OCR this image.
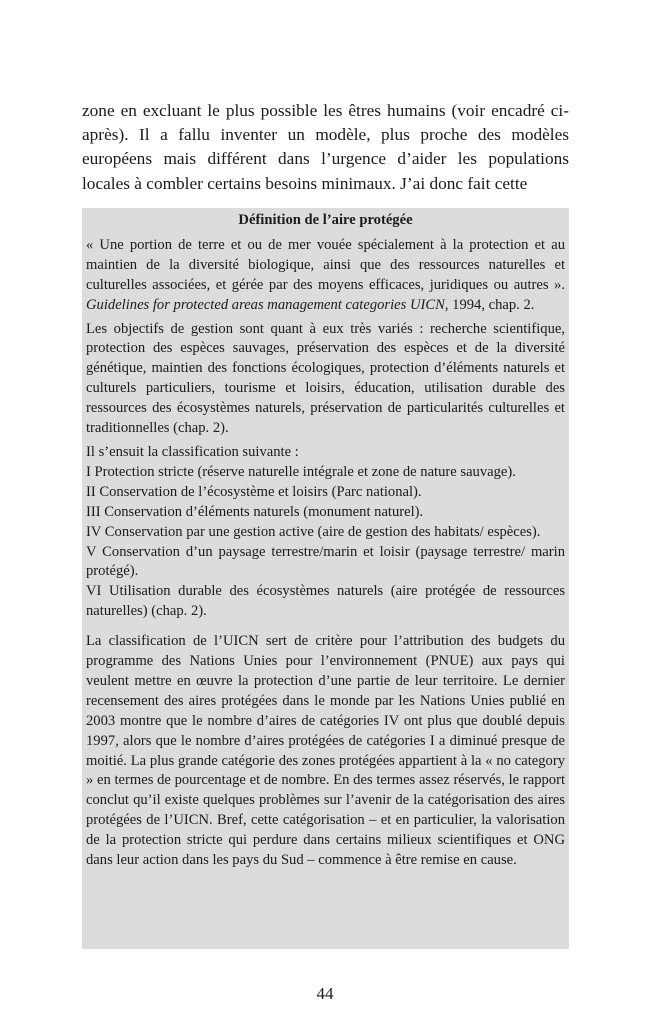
zone en excluant le plus possible les êtres humains (voir encadré ci-après). Il a fallu inventer un modèle, plus proche des modèles européens mais différent dans l’urgence d’aider les populations locales à combler certains besoins minimaux. J’ai donc fait cette

Définition de l’aire protégée

« Une portion de terre et ou de mer vouée spécialement à la protection et au maintien de la diversité biologique, ainsi que des ressources naturelles et culturelles associées, et gérée par des moyens efficaces, juridiques ou autres ». Guidelines for protected areas management categories UICN, 1994, chap. 2.

Les objectifs de gestion sont quant à eux très variés : recherche scientifique, protection des espèces sauvages, préservation des espèces et de la diversité génétique, maintien des fonctions écologiques, protection d’éléments naturels et culturels particuliers, tourisme et loisirs, éducation, utilisation durable des ressources des écosystèmes naturels, préservation de particularités culturelles et traditionnelles (chap. 2).

Il s’ensuit la classification suivante :

I Protection stricte (réserve naturelle intégrale et zone de nature sauvage).

II Conservation de l’écosystème et loisirs (Parc national).

III Conservation d’éléments naturels (monument naturel).

IV Conservation par une gestion active (aire de gestion des habitats/ espèces).

V Conservation d’un paysage terrestre/marin et loisir (paysage terrestre/ marin protégé).

VI Utilisation durable des écosystèmes naturels (aire protégée de ressources naturelles) (chap. 2).

La classification de l’UICN sert de critère pour l’attribution des budgets du programme des Nations Unies pour l’environnement (PNUE) aux pays qui veulent mettre en œuvre la protection d’une partie de leur territoire. Le dernier recensement des aires protégées dans le monde par les Nations Unies publié en 2003 montre que le nombre d’aires de catégories IV ont plus que doublé depuis 1997, alors que le nombre d’aires protégées de catégories I a diminué presque de moitié. La plus grande catégorie des zones protégées appartient à la « no category » en termes de pourcentage et de nombre. En des termes assez réservés, le rapport conclut qu’il existe quelques problèmes sur l’avenir de la catégorisation des aires protégées de l’UICN. Bref, cette catégorisation – et en particulier, la valorisation de la protection stricte qui perdure dans certains milieux scientifiques et ONG dans leur action dans les pays du Sud – commence à être remise en cause.

44
